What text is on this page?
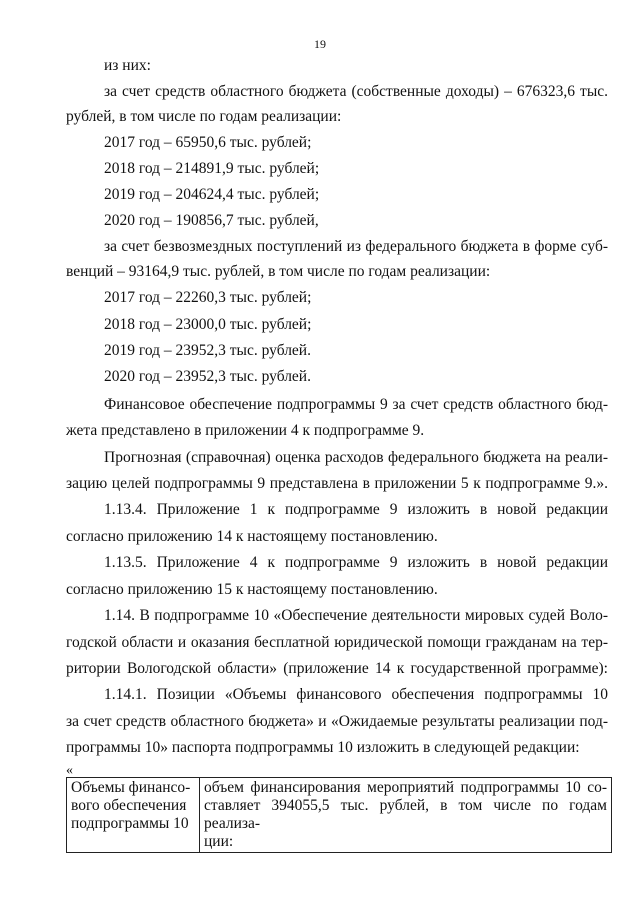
19
из них:
за счет средств областного бюджета (собственные доходы) – 676323,6 тыс.
рублей, в том числе по годам реализации:
2017 год – 65950,6 тыс. рублей;
2018 год – 214891,9 тыс. рублей;
2019 год – 204624,4 тыс. рублей;
2020 год – 190856,7 тыс. рублей,
за счет безвозмездных поступлений из федерального бюджета в форме суб-
венций – 93164,9 тыс. рублей, в том числе по годам реализации:
2017 год – 22260,3 тыс. рублей;
2018 год – 23000,0 тыс. рублей;
2019 год – 23952,3 тыс. рублей.
2020 год – 23952,3 тыс. рублей.
Финансовое обеспечение подпрограммы 9 за счет средств областного бюд-
жета представлено в приложении 4 к подпрограмме 9.
Прогнозная (справочная) оценка расходов федерального бюджета на реали-
зацию целей подпрограммы 9 представлена в приложении 5 к подпрограмме 9.».
1.13.4. Приложение 1 к подпрограмме 9 изложить в новой редакции
согласно приложению 14 к настоящему постановлению.
1.13.5. Приложение 4 к подпрограмме 9 изложить в новой редакции
согласно приложению 15 к настоящему постановлению.
1.14. В подпрограмме 10 «Обеспечение деятельности мировых судей Воло-
годской области и оказания бесплатной юридической помощи гражданам на тер-
ритории Вологодской области» (приложение 14 к государственной программе):
1.14.1. Позиции «Объемы финансового обеспечения подпрограммы 10
за счет средств областного бюджета» и «Ожидаемые результаты реализации под-
программы 10» паспорта подпрограммы 10 изложить в следующей редакции:
«
Объемы финансо-
вого обеспечения
подпрограммы 10

объем финансирования мероприятий подпрограммы 10 со-
ставляет 394055,5 тыс. рублей, в том числе по годам реализа-
ции:
